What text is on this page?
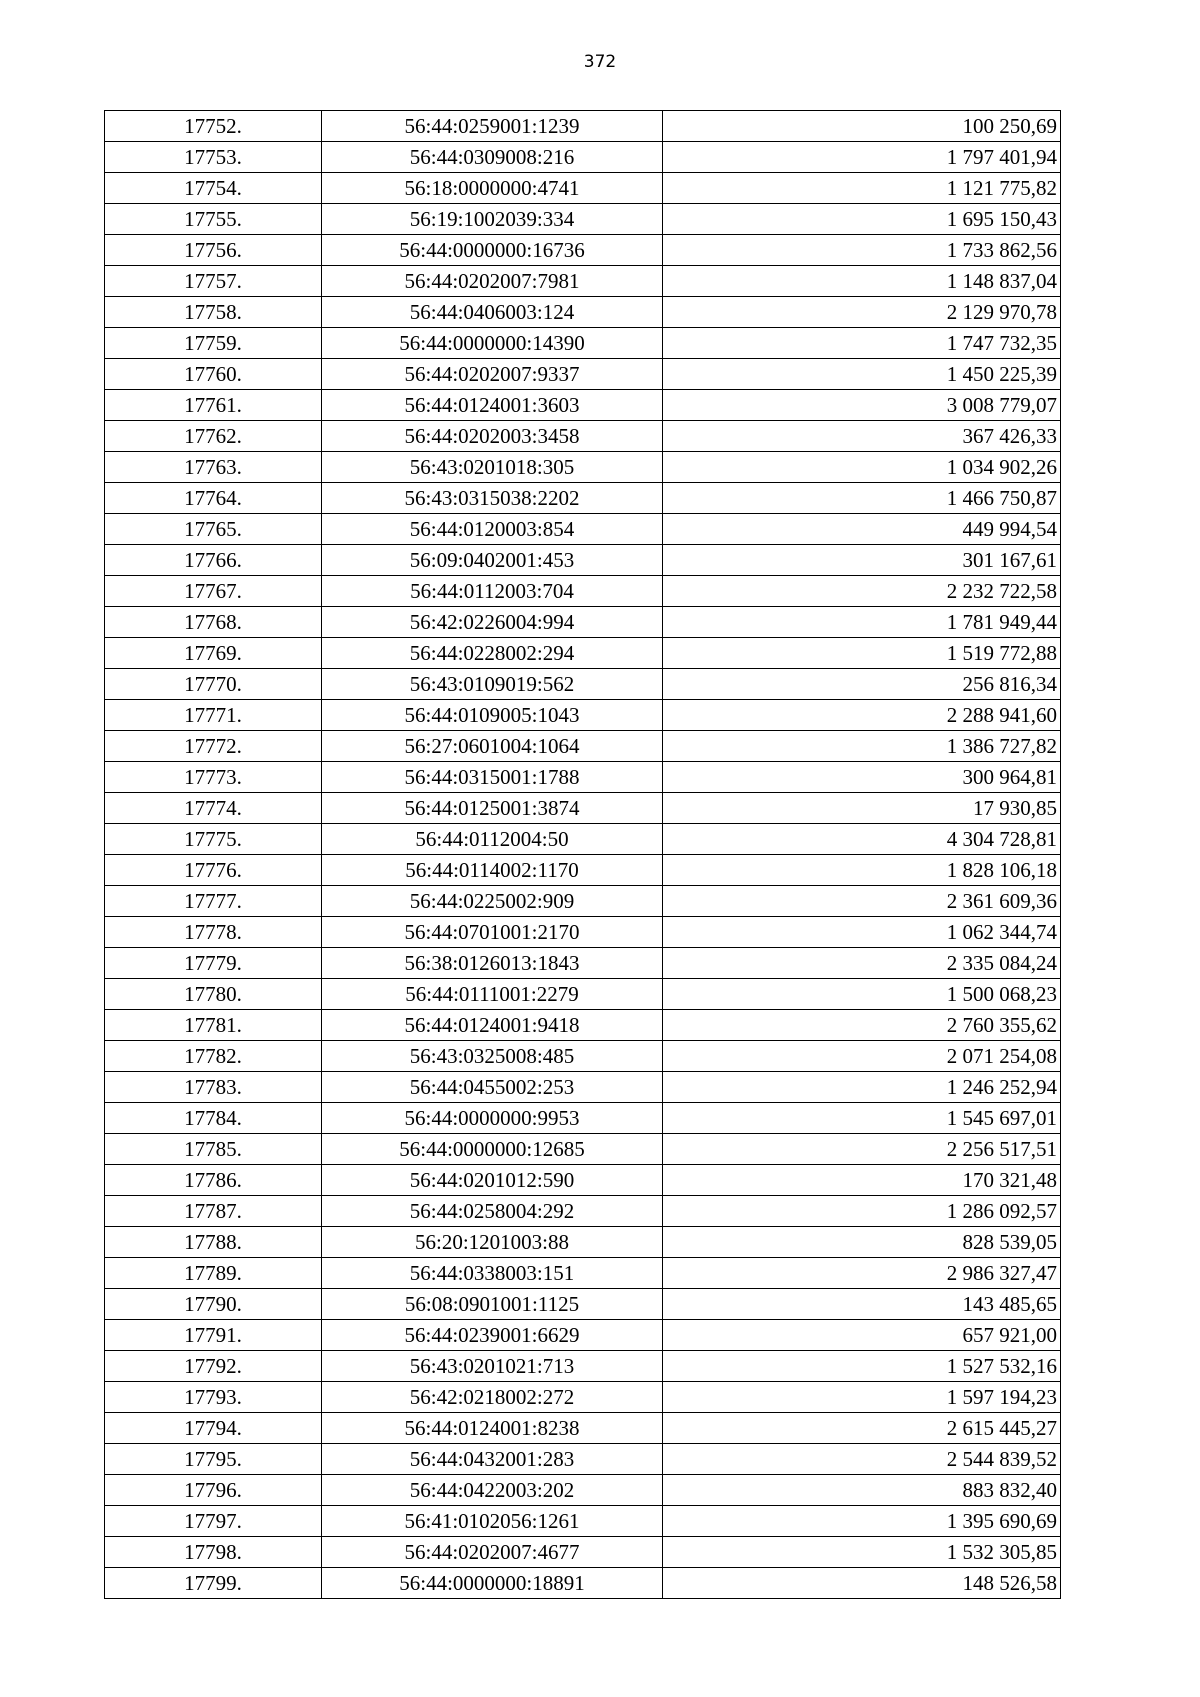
372
17752.	56:44:0259001:1239	100 250,69
17753.	56:44:0309008:216	1 797 401,94
17754.	56:18:0000000:4741	1 121 775,82
17755.	56:19:1002039:334	1 695 150,43
17756.	56:44:0000000:16736	1 733 862,56
17757.	56:44:0202007:7981	1 148 837,04
17758.	56:44:0406003:124	2 129 970,78
17759.	56:44:0000000:14390	1 747 732,35
17760.	56:44:0202007:9337	1 450 225,39
17761.	56:44:0124001:3603	3 008 779,07
17762.	56:44:0202003:3458	367 426,33
17763.	56:43:0201018:305	1 034 902,26
17764.	56:43:0315038:2202	1 466 750,87
17765.	56:44:0120003:854	449 994,54
17766.	56:09:0402001:453	301 167,61
17767.	56:44:0112003:704	2 232 722,58
17768.	56:42:0226004:994	1 781 949,44
17769.	56:44:0228002:294	1 519 772,88
17770.	56:43:0109019:562	256 816,34
17771.	56:44:0109005:1043	2 288 941,60
17772.	56:27:0601004:1064	1 386 727,82
17773.	56:44:0315001:1788	300 964,81
17774.	56:44:0125001:3874	17 930,85
17775.	56:44:0112004:50	4 304 728,81
17776.	56:44:0114002:1170	1 828 106,18
17777.	56:44:0225002:909	2 361 609,36
17778.	56:44:0701001:2170	1 062 344,74
17779.	56:38:0126013:1843	2 335 084,24
17780.	56:44:0111001:2279	1 500 068,23
17781.	56:44:0124001:9418	2 760 355,62
17782.	56:43:0325008:485	2 071 254,08
17783.	56:44:0455002:253	1 246 252,94
17784.	56:44:0000000:9953	1 545 697,01
17785.	56:44:0000000:12685	2 256 517,51
17786.	56:44:0201012:590	170 321,48
17787.	56:44:0258004:292	1 286 092,57
17788.	56:20:1201003:88	828 539,05
17789.	56:44:0338003:151	2 986 327,47
17790.	56:08:0901001:1125	143 485,65
17791.	56:44:0239001:6629	657 921,00
17792.	56:43:0201021:713	1 527 532,16
17793.	56:42:0218002:272	1 597 194,23
17794.	56:44:0124001:8238	2 615 445,27
17795.	56:44:0432001:283	2 544 839,52
17796.	56:44:0422003:202	883 832,40
17797.	56:41:0102056:1261	1 395 690,69
17798.	56:44:0202007:4677	1 532 305,85
17799.	56:44:0000000:18891	148 526,58
